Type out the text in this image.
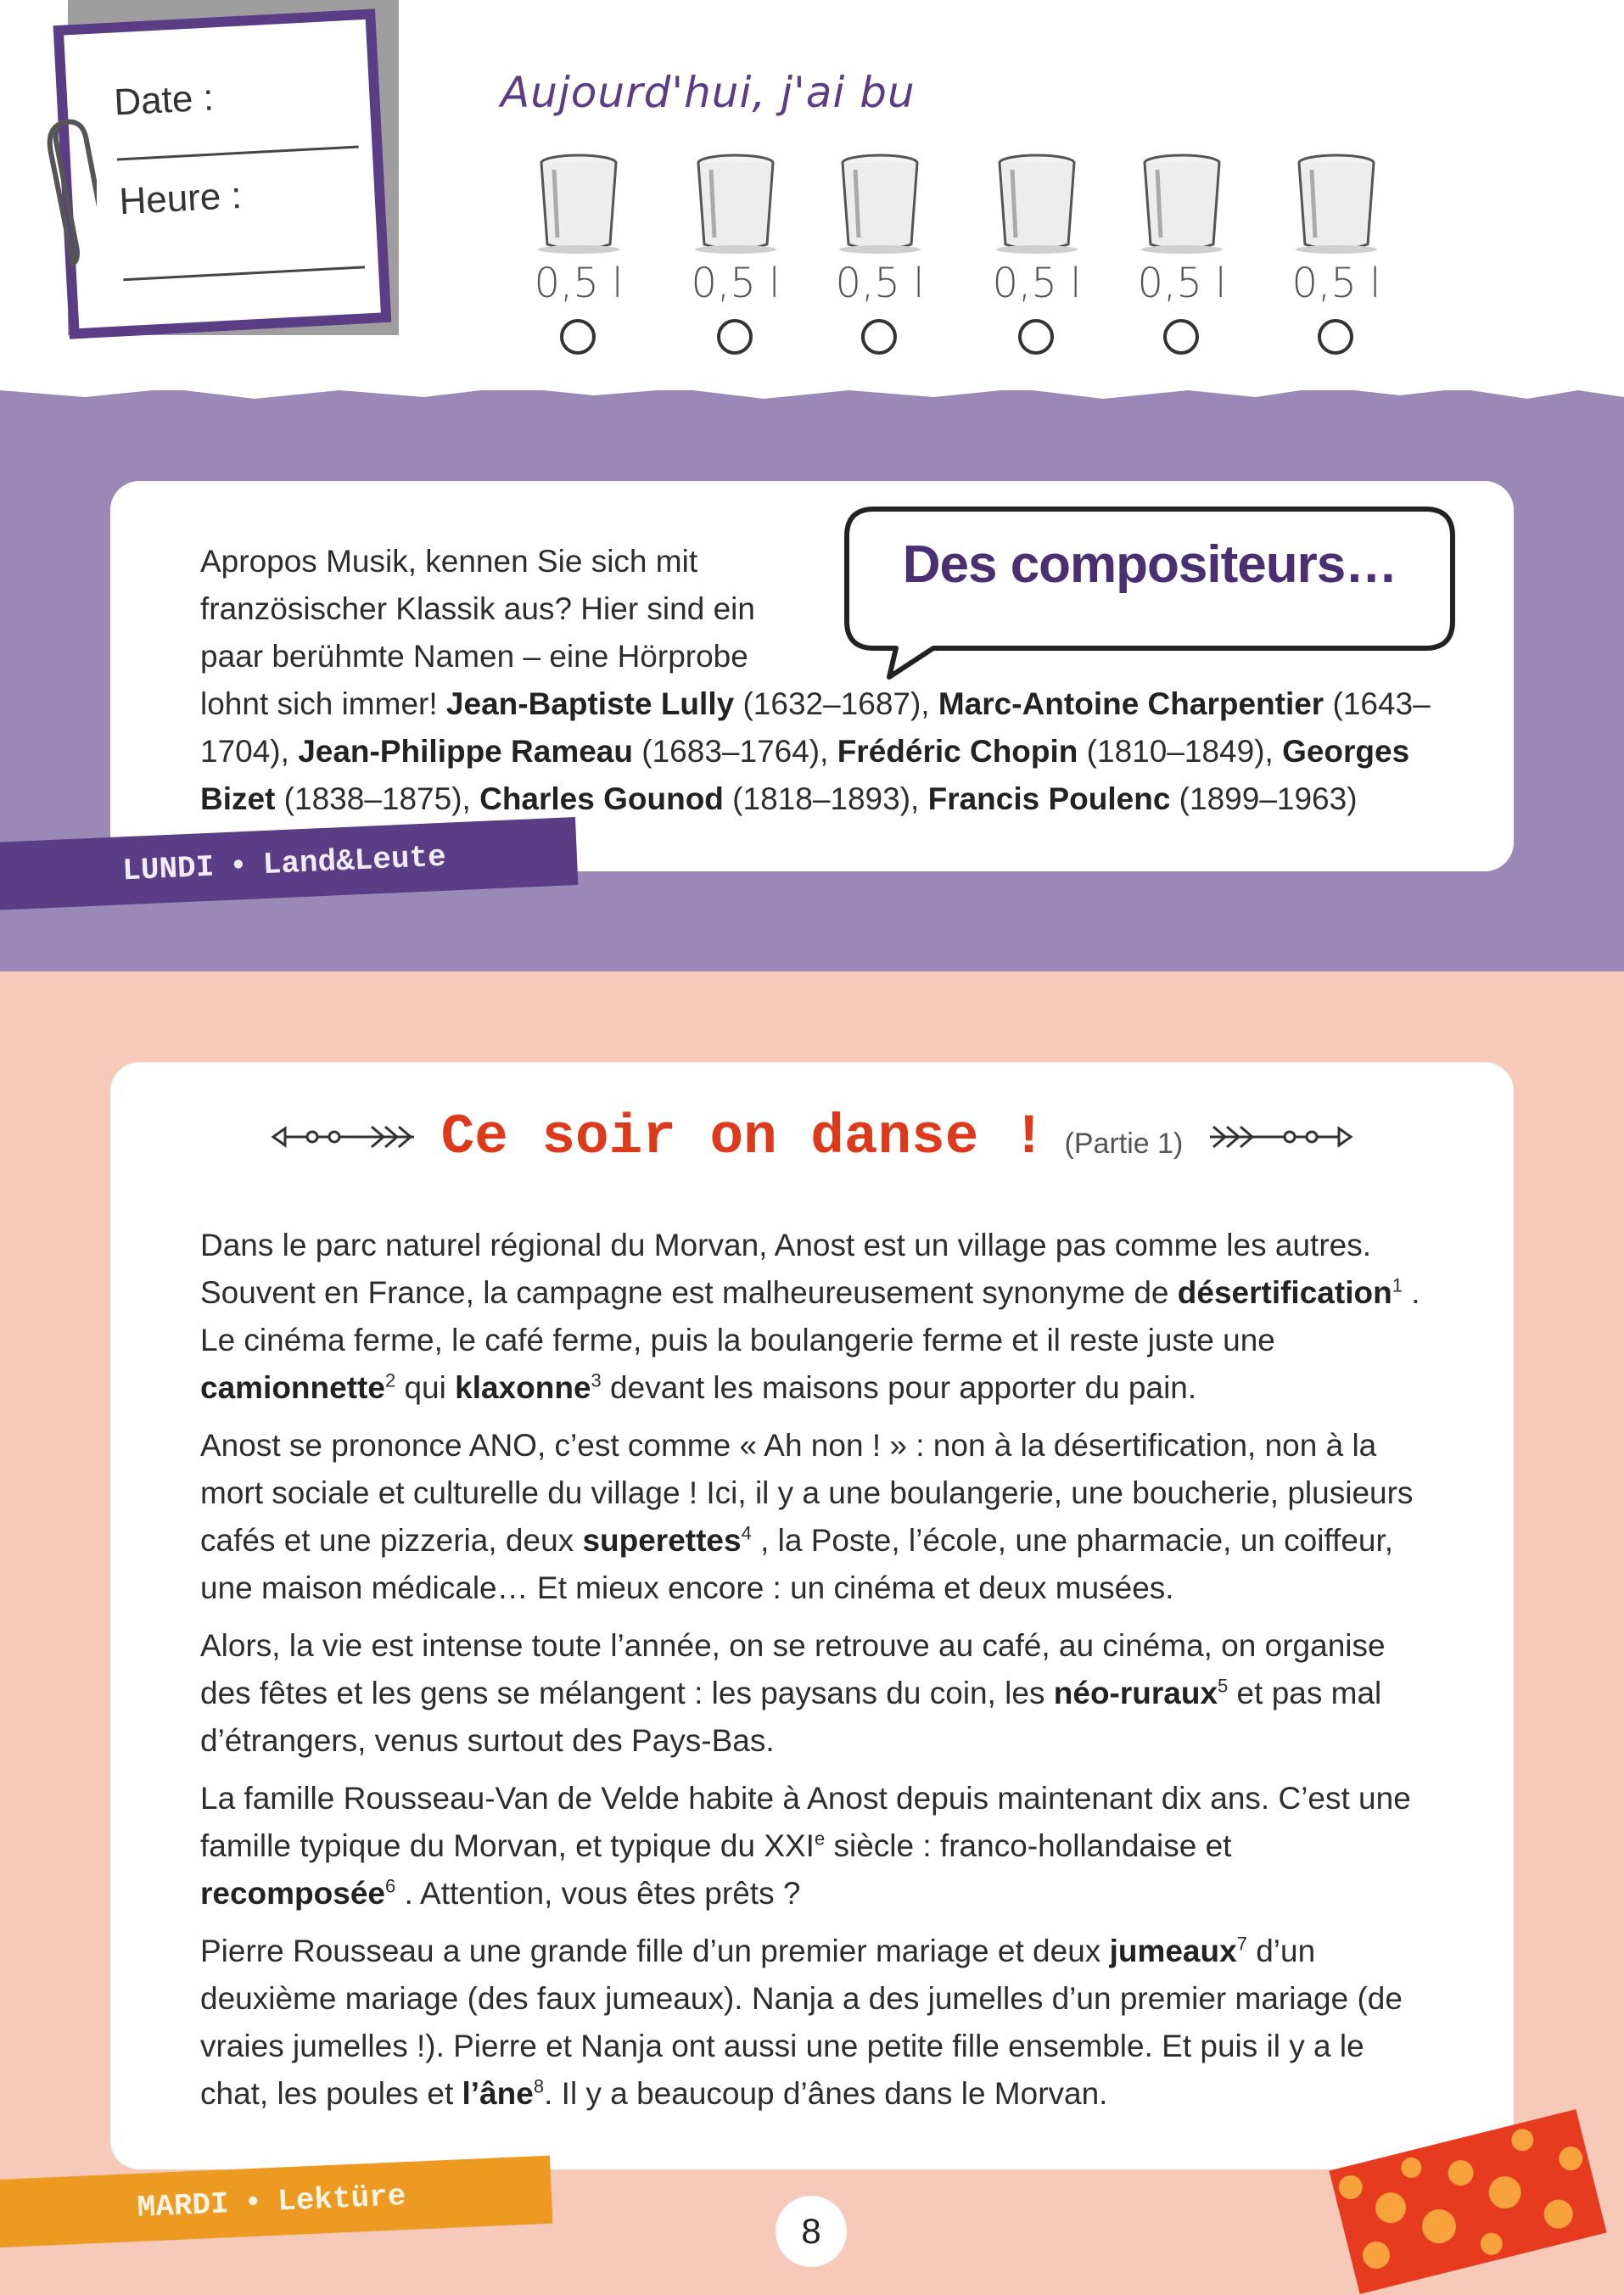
Date :
Heure :
Aujourd'hui, j'ai bu
0,5 l	0,5 l	0,5 l	0,5 l	0,5 l	0,5 l
Des compositeurs…
Apropos Musik, kennen Sie sich mit
französischer Klassik aus? Hier sind ein
paar berühmte Namen – eine Hörprobe
lohnt sich immer! Jean-Baptiste Lully (1632–1687), Marc-Antoine Charpentier (1643–1704), Jean-Philippe Rameau (1683–1764), Frédéric Chopin (1810–1849), Georges Bizet (1838–1875), Charles Gounod (1818–1893), Francis Poulenc (1899–1963)
LUNDI • Land&Leute
Ce soir on danse ! (Partie 1)

Dans le parc naturel régional du Morvan, Anost est un village pas comme les autres. Souvent en France, la campagne est malheureusement synonyme de désertification$^1$ . Le cinéma ferme, le café ferme, puis la boulangerie ferme et il reste juste une camionnette$^2$ qui klaxonne$^3$ devant les maisons pour apporter du pain.

Anost se prononce ANO, c’est comme « Ah non ! » : non à la désertification, non à la mort sociale et culturelle du village ! Ici, il y a une boulangerie, une boucherie, plusieurs cafés et une pizzeria, deux superettes$^4$ , la Poste, l’école, une pharmacie, un coiffeur, une maison médicale… Et mieux encore : un cinéma et deux musées.

Alors, la vie est intense toute l’année, on se retrouve au café, au cinéma, on organise des fêtes et les gens se mélangent : les paysans du coin, les néo-ruraux$^5$ et pas mal d’étrangers, venus surtout des Pays-Bas.

La famille Rousseau-Van de Velde habite à Anost depuis maintenant dix ans. C’est une famille typique du Morvan, et typique du XXIe siècle : franco-hollandaise et recomposée$^6$ . Attention, vous êtes prêts ?

Pierre Rousseau a une grande fille d’un premier mariage et deux jumeaux$^7$ d’un deuxième mariage (des faux jumeaux). Nanja a des jumelles d’un premier mariage (de vraies jumelles !). Pierre et Nanja ont aussi une petite fille ensemble. Et puis il y a le chat, les poules et l’âne$^8$. Il y a beaucoup d’ânes dans le Morvan.

MARDI • Lektüre
8
